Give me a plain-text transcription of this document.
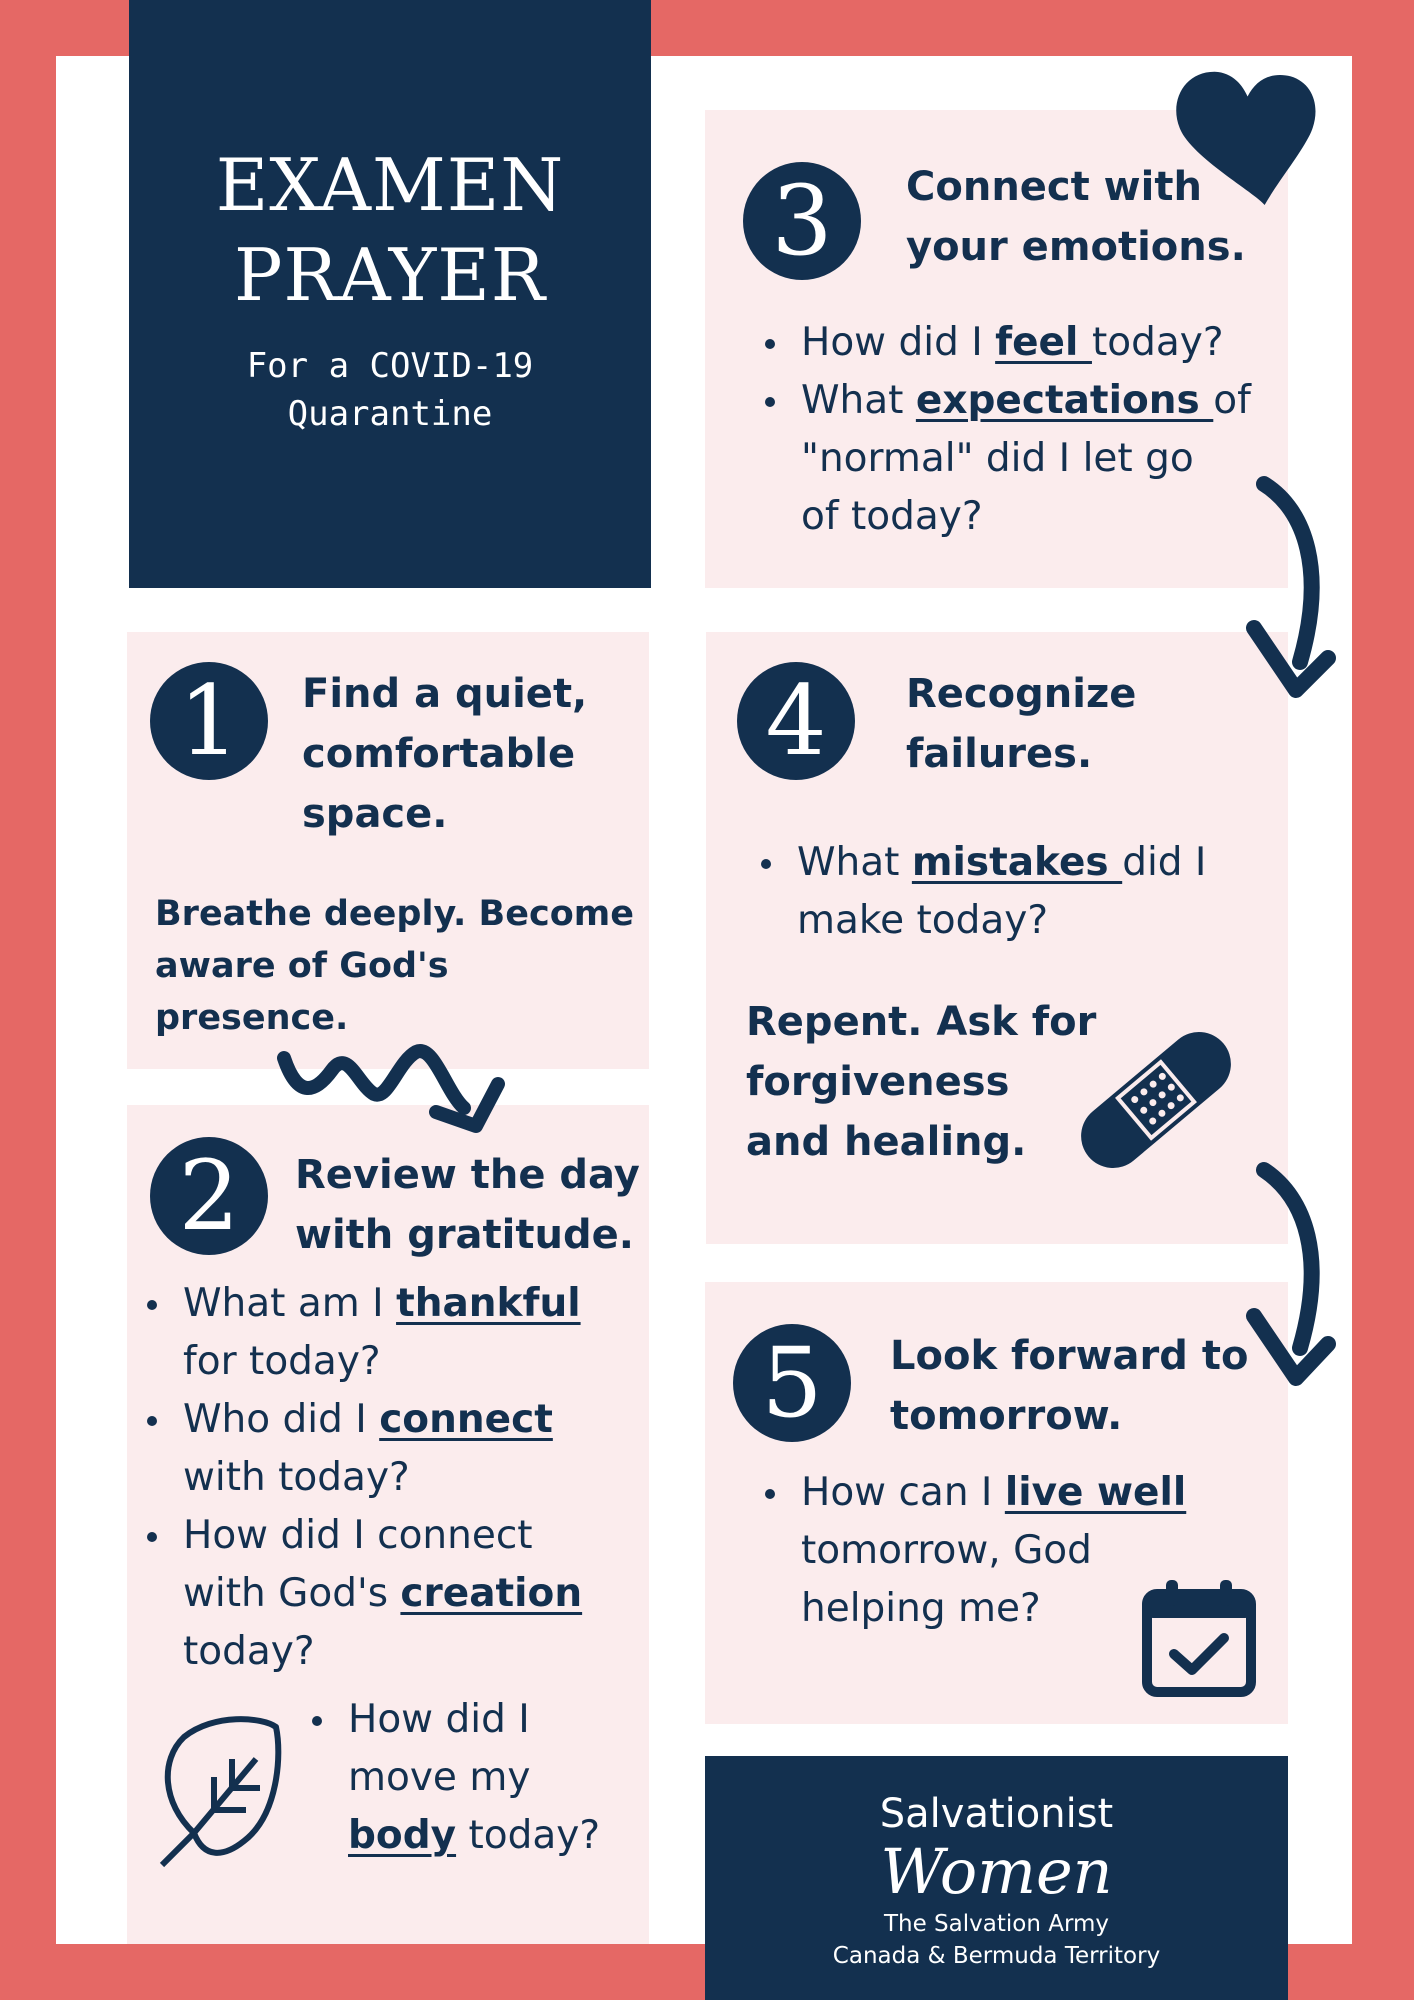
EXAMEN
PRAYER
For a COVID-19
Quarantine
1	Find a quiet,
comfortable
space.
Breathe deeply. Become
aware of God's presence.
2	Review the day
with gratitude.
What am I thankful
for today?
Who did I connect
with today?
How did I connect
with God's creation
today?
How did I
move my
body today?
3	Connect with
your emotions.
How did I feel today?
What expectations of
"normal" did I let go
of today?
4	Recognize
failures.
What mistakes did I
make today?
Repent. Ask for
forgiveness
and healing.
5	Look forward to
tomorrow.
How can I live well
tomorrow, God
helping me?
Salvationist
Women
The Salvation Army
Canada & Bermuda Territory
